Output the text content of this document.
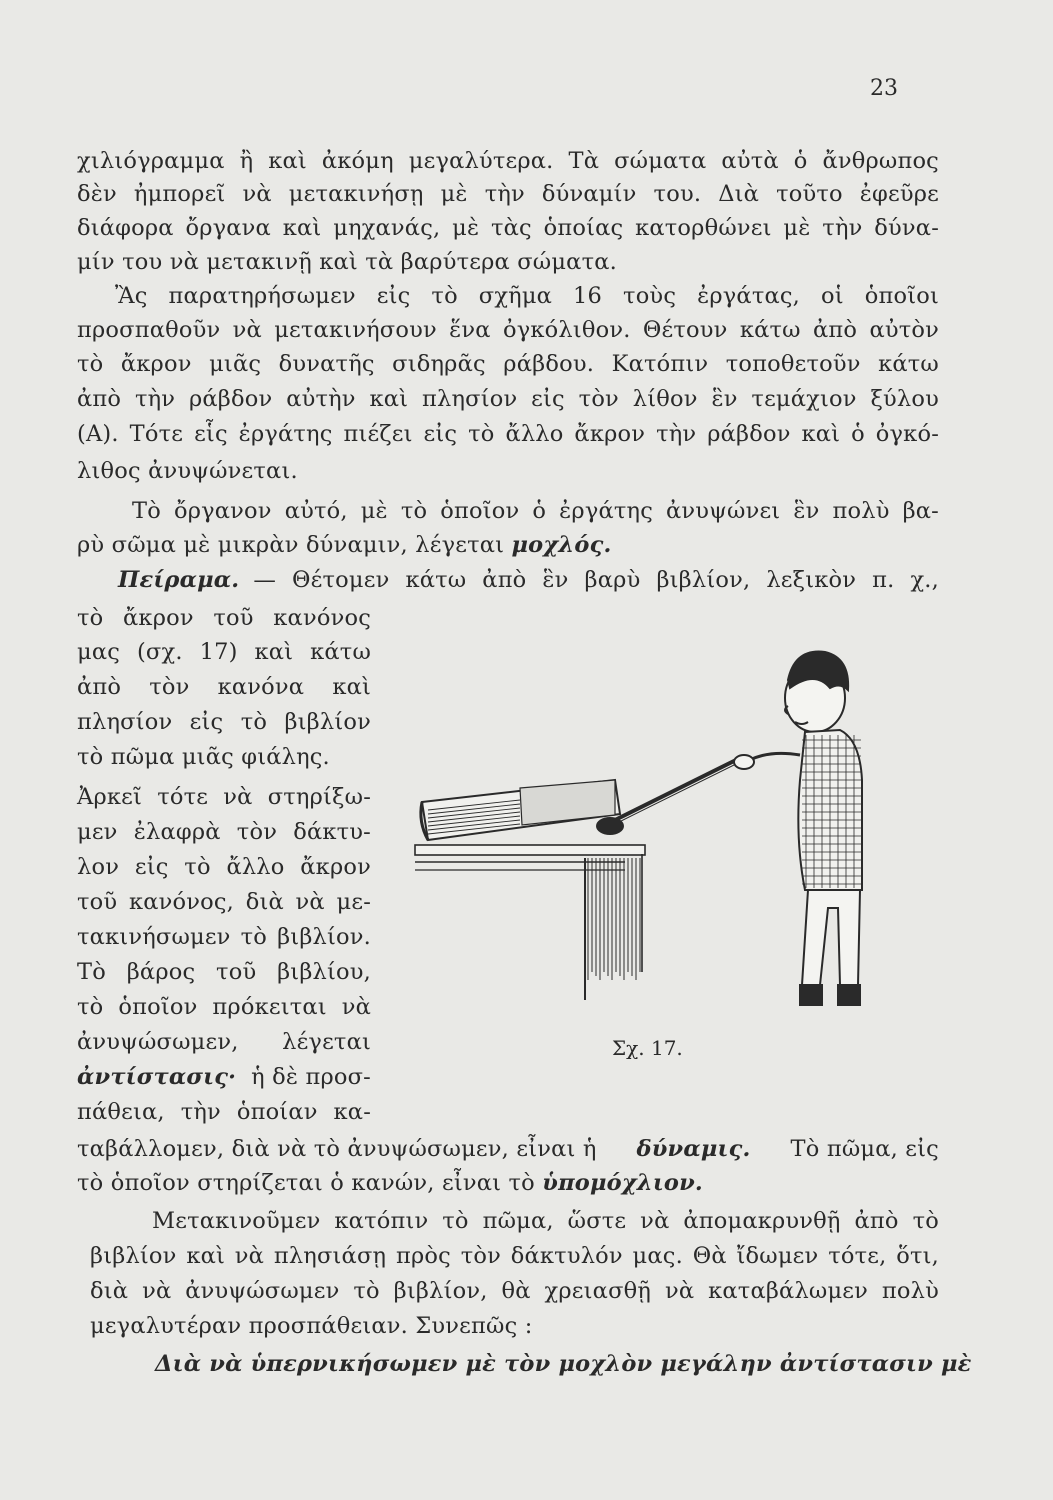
23
χιλιόγραμμα ἢ καὶ ἀκόμη μεγαλύτερα. Τὰ σώματα αὐτὰ ὁ ἄνθρωπος
δὲν ἠμπορεῖ νὰ μετακινήσῃ μὲ τὴν δύναμίν του. Διὰ τοῦτο ἐφεῦρε
διάφορα ὄργανα καὶ μηχανάς, μὲ τὰς ὁποίας κατορθώνει μὲ τὴν δύνα-
μίν του νὰ μετακινῇ καὶ τὰ βαρύτερα σώματα.
Ἂς παρατηρήσωμεν εἰς τὸ σχῆμα 16 τοὺς ἐργάτας, οἱ ὁποῖοι
προσπαθοῦν νὰ μετακινήσουν ἕνα ὀγκόλιθον. Θέτουν κάτω ἀπὸ αὐτὸν
τὸ ἄκρον μιᾶς δυνατῆς σιδηρᾶς ράβδου. Κατόπιν τοποθετοῦν κάτω
ἀπὸ τὴν ράβδον αὐτὴν καὶ πλησίον εἰς τὸν λίθον ἓν τεμάχιον ξύλου
(Α). Τότε εἷς ἐργάτης πιέζει εἰς τὸ ἄλλο ἄκρον τὴν ράβδον καὶ ὁ ὀγκό-
λιθος ἀνυψώνεται.
Τὸ ὄργανον αὐτό, μὲ τὸ ὁποῖον ὁ ἐργάτης ἀνυψώνει ἓν πολὺ βα-
ρὺ σῶμα μὲ μικρὰν δύναμιν, λέγεται μοχλός.
Πείραμα. — Θέτομεν κάτω ἀπὸ ἓν βαρὺ βιβλίον, λεξικὸν π. χ.,
τὸ ἄκρον τοῦ κανόνος
μας (σχ. 17) καὶ κάτω
ἀπὸ τὸν κανόνα καὶ
πλησίον εἰς τὸ βιβλίον
τὸ πῶμα μιᾶς φιάλης.
Ἀρκεῖ τότε νὰ στηρίξω-
μεν ἐλαφρὰ τὸν δάκτυ-
λον εἰς τὸ ἄλλο ἄκρον
τοῦ κανόνος, διὰ νὰ με-
τακινήσωμεν τὸ βιβλίον.
Τὸ βάρος τοῦ βιβλίου,
τὸ ὁποῖον πρόκειται νὰ
ἀνυψώσωμεν, λέγεται
ἀντίστασις· ἡ δὲ προσ-
πάθεια, τὴν ὁποίαν κα-
Σχ. 17.
ταβάλλομεν, διὰ νὰ τὸ ἀνυψώσωμεν, εἶναι ἡ δύναμις. Τὸ πῶμα, εἰς
τὸ ὁποῖον στηρίζεται ὁ κανών, εἶναι τὸ ὑπομόχλιον.
Μετακινοῦμεν κατόπιν τὸ πῶμα, ὥστε νὰ ἀπομακρυνθῇ ἀπὸ τὸ
βιβλίον καὶ νὰ πλησιάσῃ πρὸς τὸν δάκτυλόν μας. Θὰ ἴδωμεν τότε, ὅτι,
διὰ νὰ ἀνυψώσωμεν τὸ βιβλίον, θὰ χρειασθῇ νὰ καταβάλωμεν πολὺ
μεγαλυτέραν προσπάθειαν. Συνεπῶς :
Διὰ νὰ ὑπερνικήσωμεν μὲ τὸν μοχλὸν μεγάλην ἀντίστασιν μὲ
